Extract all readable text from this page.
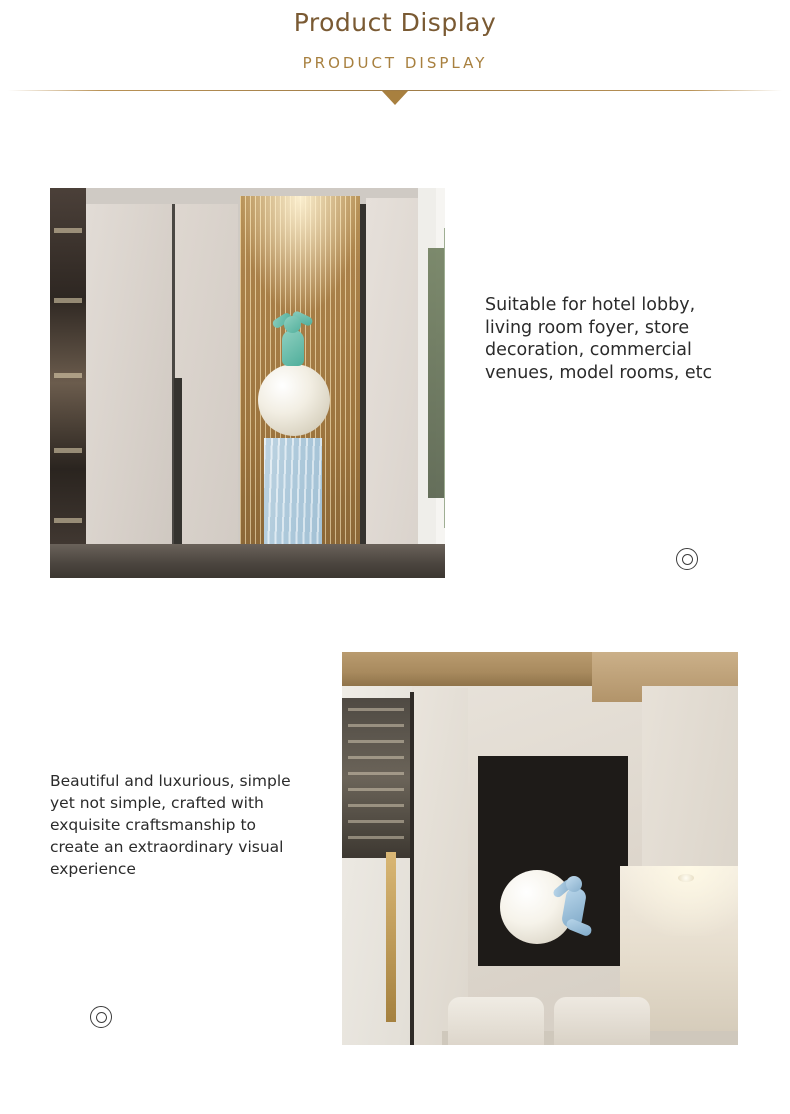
Product Display
PRODUCT DISPLAY
Suitable for hotel lobby, living room foyer, store decoration, commercial venues, model rooms, etc
Beautiful and luxurious, simple yet not simple, crafted with exquisite craftsmanship to create an extraordinary visual experience
